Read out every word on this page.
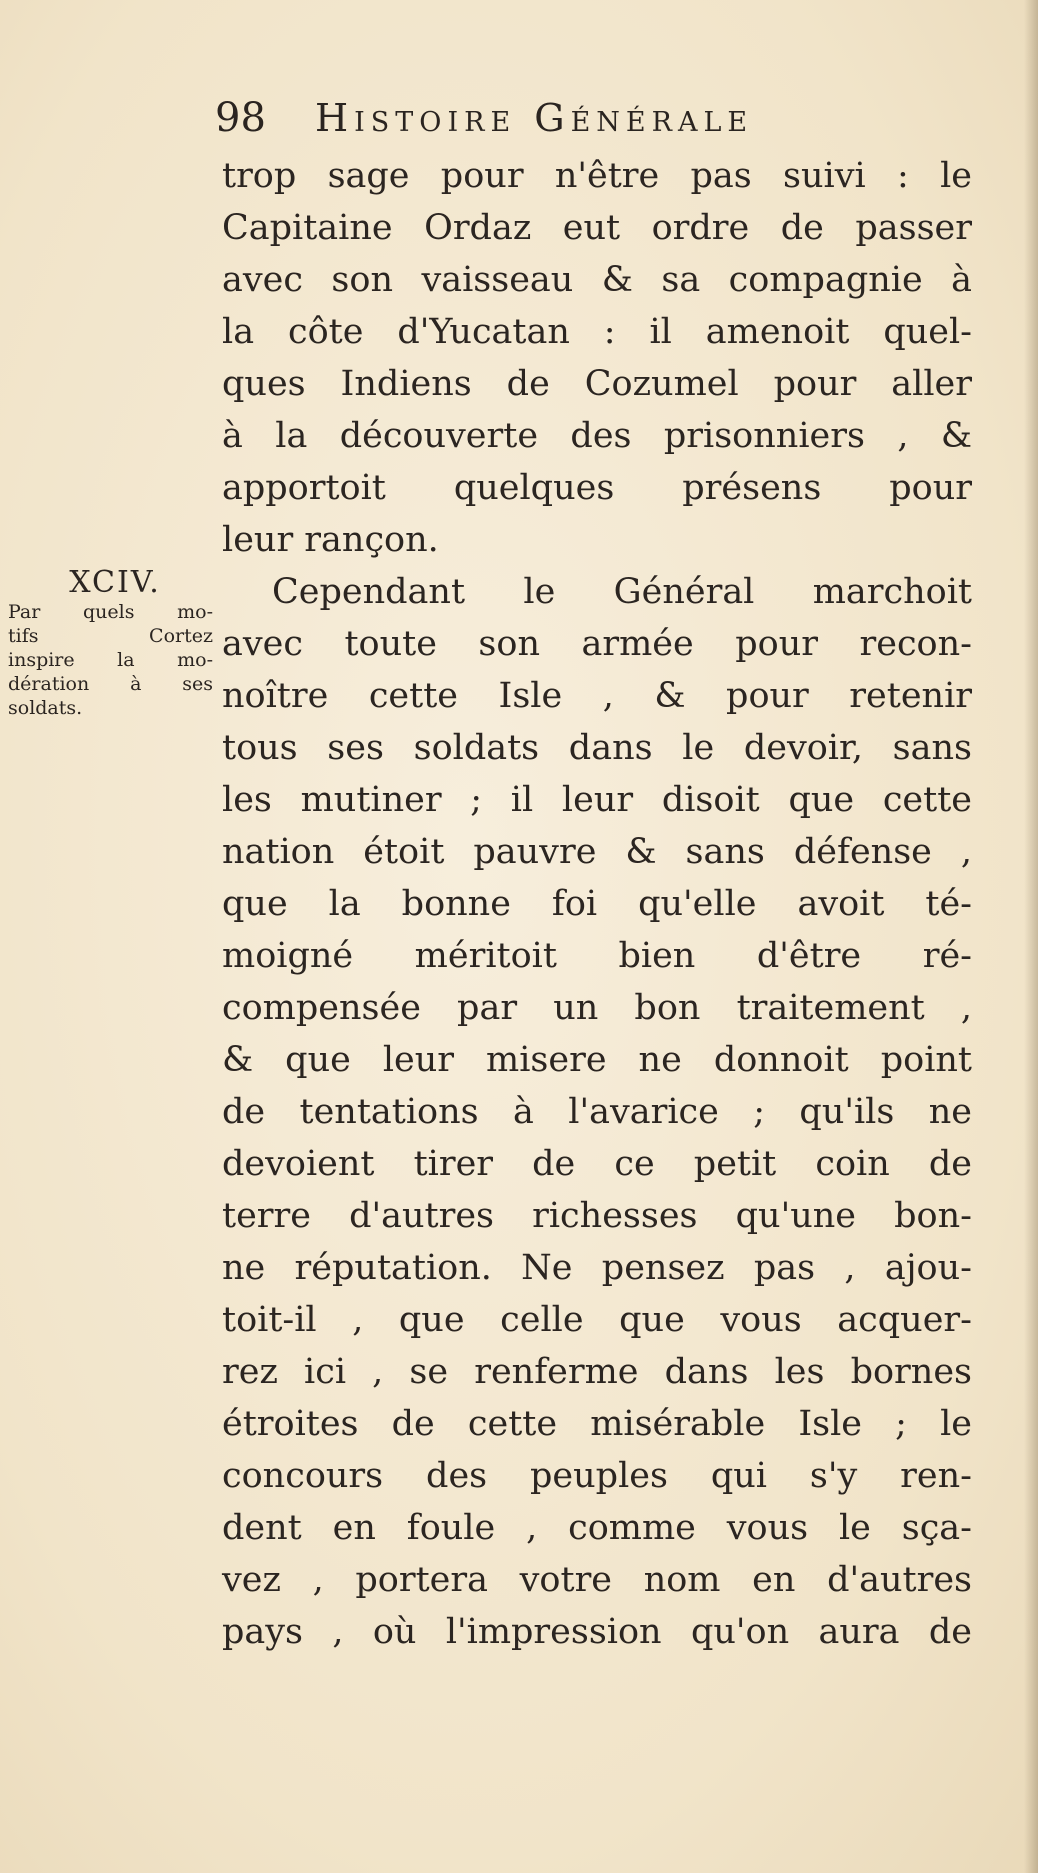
98 Histoire Générale
XCIV.
Par quels mo-
tifs Cortez
inspire la mo-
dération à ses
soldats.
trop sage pour n'être pas suivi : le
Capitaine Ordaz eut ordre de passer
avec son vaisseau & sa compagnie à
la côte d'Yucatan : il amenoit quel-
ques Indiens de Cozumel pour aller
à la découverte des prisonniers , &
apportoit quelques présens pour
leur rançon.
Cependant le Général marchoit
avec toute son armée pour recon-
noître cette Isle , & pour retenir
tous ses soldats dans le devoir, sans
les mutiner ; il leur disoit que cette
nation étoit pauvre & sans défense ,
que la bonne foi qu'elle avoit té-
moigné méritoit bien d'être ré-
compensée par un bon traitement ,
& que leur misere ne donnoit point
de tentations à l'avarice ; qu'ils ne
devoient tirer de ce petit coin de
terre d'autres richesses qu'une bon-
ne réputation. Ne pensez pas , ajou-
toit-il , que celle que vous acquer-
rez ici , se renferme dans les bornes
étroites de cette misérable Isle ; le
concours des peuples qui s'y ren-
dent en foule , comme vous le sça-
vez , portera votre nom en d'autres
pays , où l'impression qu'on aura de
